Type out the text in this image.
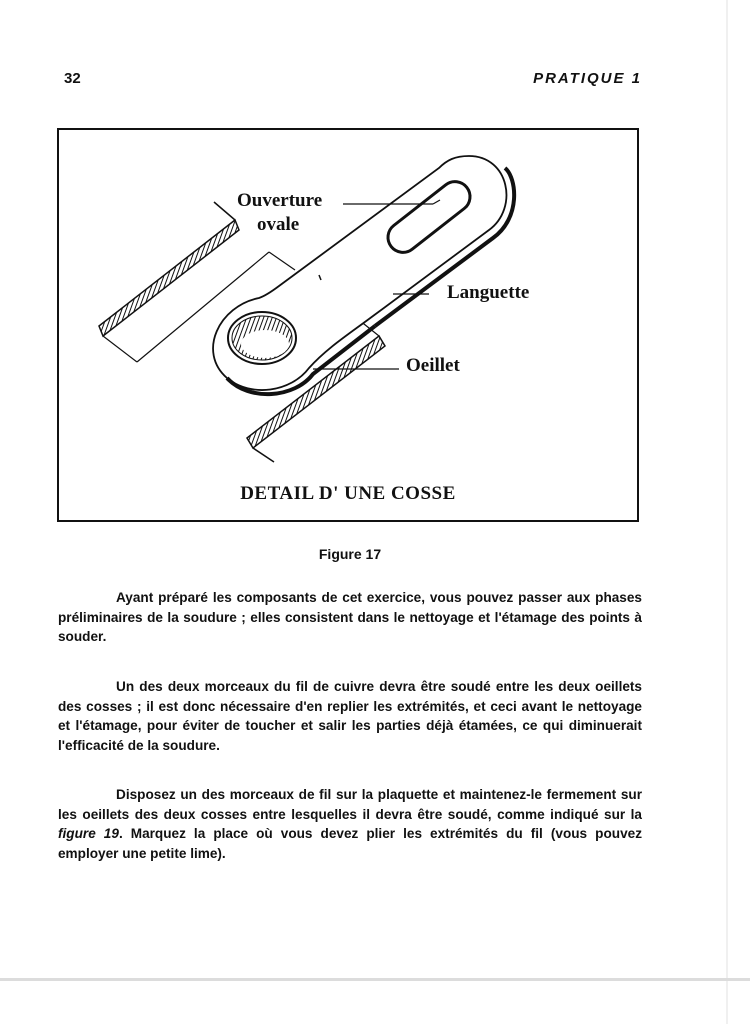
32	PRATIQUE 1
Ouverture
ovale
Languette
Oeillet
DETAIL D' UNE COSSE
Figure 17

Ayant préparé les composants de cet exercice, vous pouvez passer aux phases préliminaires de la soudure ; elles consistent dans le nettoyage et l'étamage des points à souder.

Un des deux morceaux du fil de cuivre devra être soudé entre les deux oeillets des cosses ; il est donc nécessaire d'en replier les extrémités, et ceci avant le nettoyage et l'étamage, pour éviter de toucher et salir les parties déjà étamées, ce qui diminuerait l'efficacité de la soudure.

Disposez un des morceaux de fil sur la plaquette et maintenez-le fermement sur les oeillets des deux cosses entre lesquelles il devra être soudé, comme indiqué sur la figure 19. Marquez la place où vous devez plier les extrémités du fil (vous pouvez employer une petite lime).
